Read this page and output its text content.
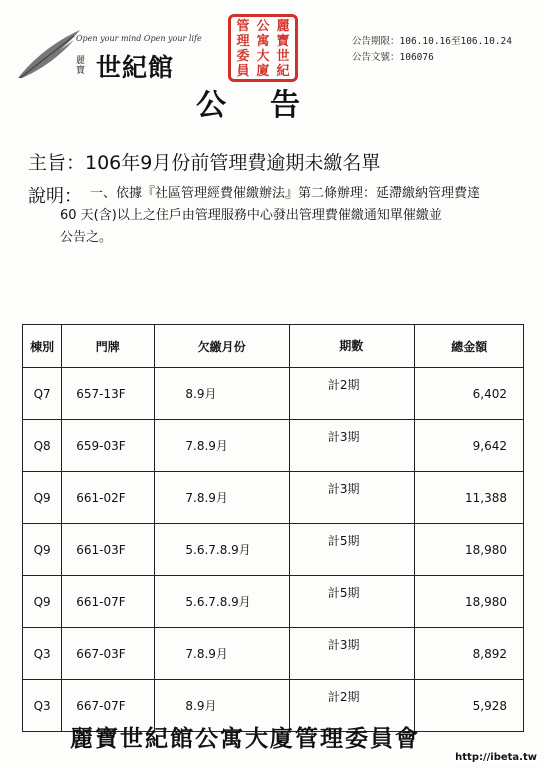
Open your mind Open your life
麗寶 世紀館
管 公 麗
理 寓 寶
委 大 世
員 廈 紀
公告期限：106.10.16至106.10.24
公告文號：106076
公告
主旨：106年9月份前管理費逾期未繳名單
說明： 一、依據『社區管理經費催繳辦法』第二條辦理：延滯繳納管理費達
60 天(含)以上之住戶由管理服務中心發出管理費催繳通知單催繳並
公告之。
棟別	門牌	欠繳月份	期數	總金額
Q7	657-13F	8.9月	計2期	6,402
Q8	659-03F	7.8.9月	計3期	9,642
Q9	661-02F	7.8.9月	計3期	11,388
Q9	661-03F	5.6.7.8.9月	計5期	18,980
Q9	661-07F	5.6.7.8.9月	計5期	18,980
Q3	667-03F	7.8.9月	計3期	8,892
Q3	667-07F	8.9月	計2期	5,928
麗寶世紀館公寓大廈管理委員會
http://ibeta.tw
